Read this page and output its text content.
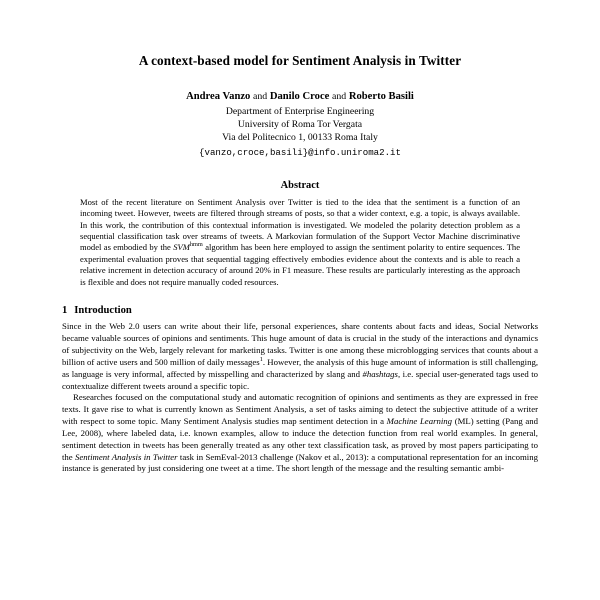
A context-based model for Sentiment Analysis in Twitter
Andrea Vanzo and Danilo Croce and Roberto Basili
Department of Enterprise Engineering
University of Roma Tor Vergata
Via del Politecnico 1, 00133 Roma Italy
{vanzo,croce,basili}@info.uniroma2.it
Abstract

Most of the recent literature on Sentiment Analysis over Twitter is tied to the idea that the sentiment is a function of an incoming tweet. However, tweets are filtered through streams of posts, so that a wider context, e.g. a topic, is always available. In this work, the contribution of this contextual information is investigated. We modeled the polarity detection problem as a sequential classification task over streams of tweets. A Markovian formulation of the Support Vector Machine discriminative model as embodied by the $SVM^{hmm}$ algorithm has been here employed to assign the sentiment polarity to entire sequences. The experimental evaluation proves that sequential tagging effectively embodies evidence about the contexts and is able to reach a relative increment in detection accuracy of around 20% in F1 measure. These results are particularly interesting as the approach is flexible and does not require manually coded resources.

1 Introduction

Since in the Web 2.0 users can write about their life, personal experiences, share contents about facts and ideas, Social Networks became valuable sources of opinions and sentiments. This huge amount of data is crucial in the study of the interactions and dynamics of subjectivity on the Web, largely relevant for marketing tasks. Twitter is one among these microblogging services that counts about a billion of active users and 500 million of daily messages$^1$. However, the analysis of this huge amount of information is still challenging, as language is very informal, affected by misspelling and characterized by slang and #hashtags, i.e. special user-generated tags used to contextualize different tweets around a specific topic.

Researches focused on the computational study and automatic recognition of opinions and sentiments as they are expressed in free texts. It gave rise to what is currently known as Sentiment Analysis, a set of tasks aiming to detect the subjective attitude of a writer with respect to some topic. Many Sentiment Analysis studies map sentiment detection in a Machine Learning (ML) setting (Pang and Lee, 2008), where labeled data, i.e. known examples, allow to induce the detection function from real world examples. In general, sentiment detection in tweets has been generally treated as any other text classification task, as proved by most papers participating to the Sentiment Analysis in Twitter task in SemEval-2013 challenge (Nakov et al., 2013): a computational representation for an incoming instance is generated by just considering one tweet at a time. The short length of the message and the resulting semantic ambi-
